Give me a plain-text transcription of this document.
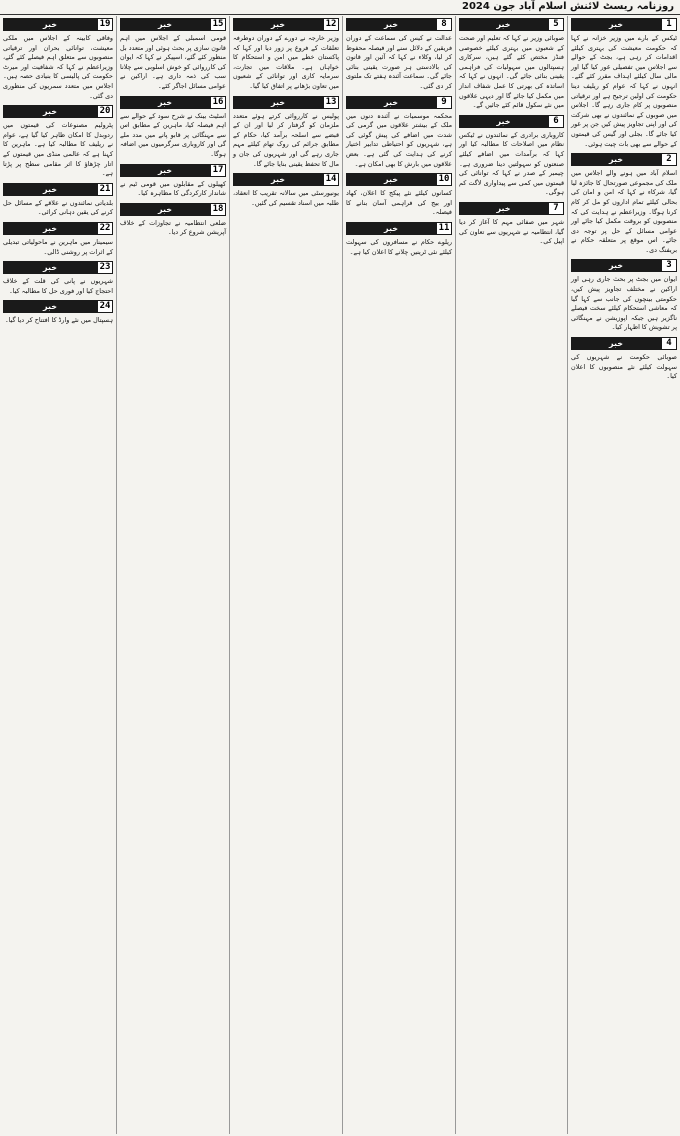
روزنامہ ریسٹ لائنش اسلام آباد جون 2024
1
خبر

ٹیکس کے بارے میں وزیر خزانہ نے کہا کہ حکومت معیشت کی بہتری کیلئے اقدامات کر رہی ہے، بجٹ کے حوالے سے اجلاس میں تفصیلی غور کیا گیا اور مالی سال کیلئے اہداف مقرر کئے گئے۔ انہوں نے کہا کہ عوام کو ریلیف دینا حکومت کی اولین ترجیح ہے اور ترقیاتی منصوبوں پر کام جاری رہے گا۔ اجلاس میں صوبوں کے نمائندوں نے بھی شرکت کی اور اپنی تجاویز پیش کیں جن پر غور کیا جائے گا۔ بجلی اور گیس کی قیمتوں کے حوالے سے بھی بات چیت ہوئی۔

2
خبر

اسلام آباد میں ہونے والے اجلاس میں ملک کی مجموعی صورتحال کا جائزہ لیا گیا، شرکاء نے کہا کہ امن و امان کی بحالی کیلئے تمام اداروں کو مل کر کام کرنا ہوگا۔ وزیراعظم نے ہدایت کی کہ منصوبوں کو بروقت مکمل کیا جائے اور عوامی مسائل کے حل پر توجہ دی جائے۔ اس موقع پر متعلقہ حکام نے بریفنگ دی۔

3
خبر

ایوان میں بجٹ پر بحث جاری رہی اور اراکین نے مختلف تجاویز پیش کیں، حکومتی بینچوں کی جانب سے کہا گیا کہ معاشی استحکام کیلئے سخت فیصلے ناگزیر ہیں جبکہ اپوزیشن نے مہنگائی پر تشویش کا اظہار کیا۔

4
خبر

صوبائی حکومت نے شہریوں کی سہولت کیلئے نئے منصوبوں کا اعلان کیا۔

5
خبر

صوبائی وزیر نے کہا کہ تعلیم اور صحت کے شعبوں میں بہتری کیلئے خصوصی فنڈز مختص کئے گئے ہیں، سرکاری ہسپتالوں میں سہولیات کی فراہمی یقینی بنائی جائے گی۔ انہوں نے کہا کہ اساتذہ کی بھرتی کا عمل شفاف انداز میں مکمل کیا جائے گا اور دیہی علاقوں میں نئے سکول قائم کئے جائیں گے۔

6
خبر

کاروباری برادری کے نمائندوں نے ٹیکس نظام میں اصلاحات کا مطالبہ کیا اور کہا کہ برآمدات میں اضافے کیلئے صنعتوں کو سہولتیں دینا ضروری ہے۔ چیمبر کے صدر نے کہا کہ توانائی کی قیمتوں میں کمی سے پیداواری لاگت کم ہوگی۔

7
خبر

شہر میں صفائی مہم کا آغاز کر دیا گیا، انتظامیہ نے شہریوں سے تعاون کی اپیل کی۔

8
خبر

عدالت نے کیس کی سماعت کے دوران فریقین کے دلائل سنے اور فیصلہ محفوظ کر لیا، وکلاء نے کہا کہ آئین اور قانون کی بالادستی ہر صورت یقینی بنائی جائے گی۔ سماعت آئندہ ہفتے تک ملتوی کر دی گئی۔

9
خبر

محکمہ موسمیات نے آئندہ دنوں میں ملک کے بیشتر علاقوں میں گرمی کی شدت میں اضافے کی پیش گوئی کی ہے، شہریوں کو احتیاطی تدابیر اختیار کرنے کی ہدایت کی گئی ہے۔ بعض علاقوں میں بارش کا بھی امکان ہے۔

10
خبر

کسانوں کیلئے نئے پیکج کا اعلان، کھاد اور بیج کی فراہمی آسان بنانے کا فیصلہ۔

11
خبر

ریلوے حکام نے مسافروں کی سہولت کیلئے نئی ٹرینیں چلانے کا اعلان کیا ہے۔

12
خبر

وزیر خارجہ نے دورے کے دوران دوطرفہ تعلقات کے فروغ پر زور دیا اور کہا کہ پاکستان خطے میں امن و استحکام کا خواہاں ہے۔ ملاقات میں تجارت، سرمایہ کاری اور توانائی کے شعبوں میں تعاون بڑھانے پر اتفاق کیا گیا۔

13
خبر

پولیس نے کارروائی کرتے ہوئے متعدد ملزمان کو گرفتار کر لیا اور ان کے قبضے سے اسلحہ برآمد کیا، حکام کے مطابق جرائم کی روک تھام کیلئے مہم جاری رہے گی اور شہریوں کی جان و مال کا تحفظ یقینی بنایا جائے گا۔

14
خبر

یونیورسٹی میں سالانہ تقریب کا انعقاد، طلبہ میں اسناد تقسیم کی گئیں۔

15
خبر

قومی اسمبلی کے اجلاس میں اہم قانون سازی پر بحث ہوئی اور متعدد بل منظور کئے گئے، اسپیکر نے کہا کہ ایوان کی کارروائی کو خوش اسلوبی سے چلانا سب کی ذمہ داری ہے۔ اراکین نے عوامی مسائل اجاگر کئے۔

16
خبر

اسٹیٹ بینک نے شرح سود کے حوالے سے اہم فیصلہ کیا، ماہرین کے مطابق اس سے مہنگائی پر قابو پانے میں مدد ملے گی اور کاروباری سرگرمیوں میں اضافہ ہوگا۔

17
خبر

کھیلوں کے مقابلوں میں قومی ٹیم نے شاندار کارکردگی کا مظاہرہ کیا۔

18
خبر

ضلعی انتظامیہ نے تجاوزات کے خلاف آپریشن شروع کر دیا۔

19
خبر

وفاقی کابینہ کے اجلاس میں ملکی معیشت، توانائی بحران اور ترقیاتی منصوبوں سے متعلق اہم فیصلے کئے گئے، وزیراعظم نے کہا کہ شفافیت اور میرٹ حکومت کی پالیسی کا بنیادی حصہ ہیں۔ اجلاس میں متعدد سمریوں کی منظوری دی گئی۔

20
خبر

پٹرولیم مصنوعات کی قیمتوں میں ردوبدل کا امکان ظاہر کیا گیا ہے، عوام نے ریلیف کا مطالبہ کیا ہے۔ ماہرین کا کہنا ہے کہ عالمی منڈی میں قیمتوں کے اتار چڑھاؤ کا اثر مقامی سطح پر پڑتا ہے۔

21
خبر

بلدیاتی نمائندوں نے علاقے کے مسائل حل کرنے کی یقین دہانی کرائی۔

22
خبر

سیمینار میں ماہرین نے ماحولیاتی تبدیلی کے اثرات پر روشنی ڈالی۔

23
خبر

شہریوں نے پانی کی قلت کے خلاف احتجاج کیا اور فوری حل کا مطالبہ کیا۔

24
خبر

ہسپتال میں نئے وارڈ کا افتتاح کر دیا گیا۔
